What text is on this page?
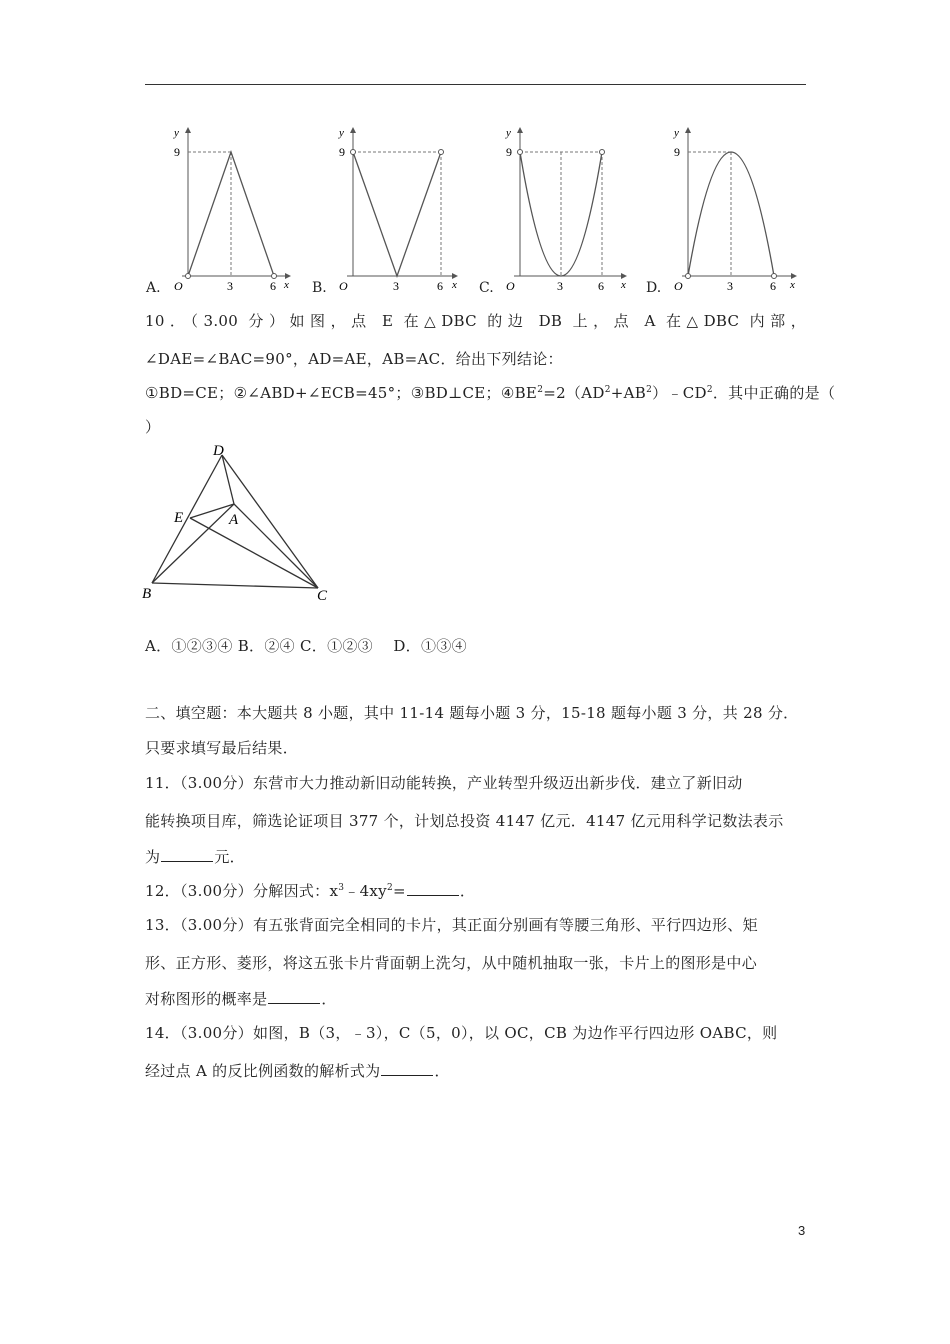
y
9
O	3	6 x
y
9
O	3	6 x
y
9
O	3	6 x
y
9
O	3	6 x
A.	B.	C.	D.
10．（3.00 分）如图，点 E 在△DBC 的边 DB 上，点 A 在△DBC 内部，
∠DAE=∠BAC=90°，AD=AE，AB=AC．给出下列结论：
①BD=CE；②∠ABD+∠ECB=45°；③BD⊥CE；$④BE^2=2(AD^2+AB^2)﹣CD^2$．其中正确的是（
）
D
E	A
B	C
A．①②③④ B．②④ C．①②③　 D．①③④
二、填空题：本大题共 8 小题，其中 11-14 题每小题 3 分，15-18 题每小题 3 分，共 28 分．
只要求填写最后结果．
11．（3.00分）东营市大力推动新旧动能转换，产业转型升级迈出新步伐．建立了新旧动
能转换项目库，筛选论证项目 377 个，计划总投资 4147 亿元．4147 亿元用科学记数法表示
为	元．
12．（3.00分）分解因式：$x^3﹣4xy^2=$	．
13．（3.00分）有五张背面完全相同的卡片，其正面分别画有等腰三角形、平行四边形、矩
形、正方形、菱形，将这五张卡片背面朝上洗匀，从中随机抽取一张，卡片上的图形是中心
对称图形的概率是	．
14．（3.00分）如图，B（3，﹣3），C（5，0），以 OC，CB 为边作平行四边形 OABC，则
经过点 A 的反比例函数的解析式为	．
3
